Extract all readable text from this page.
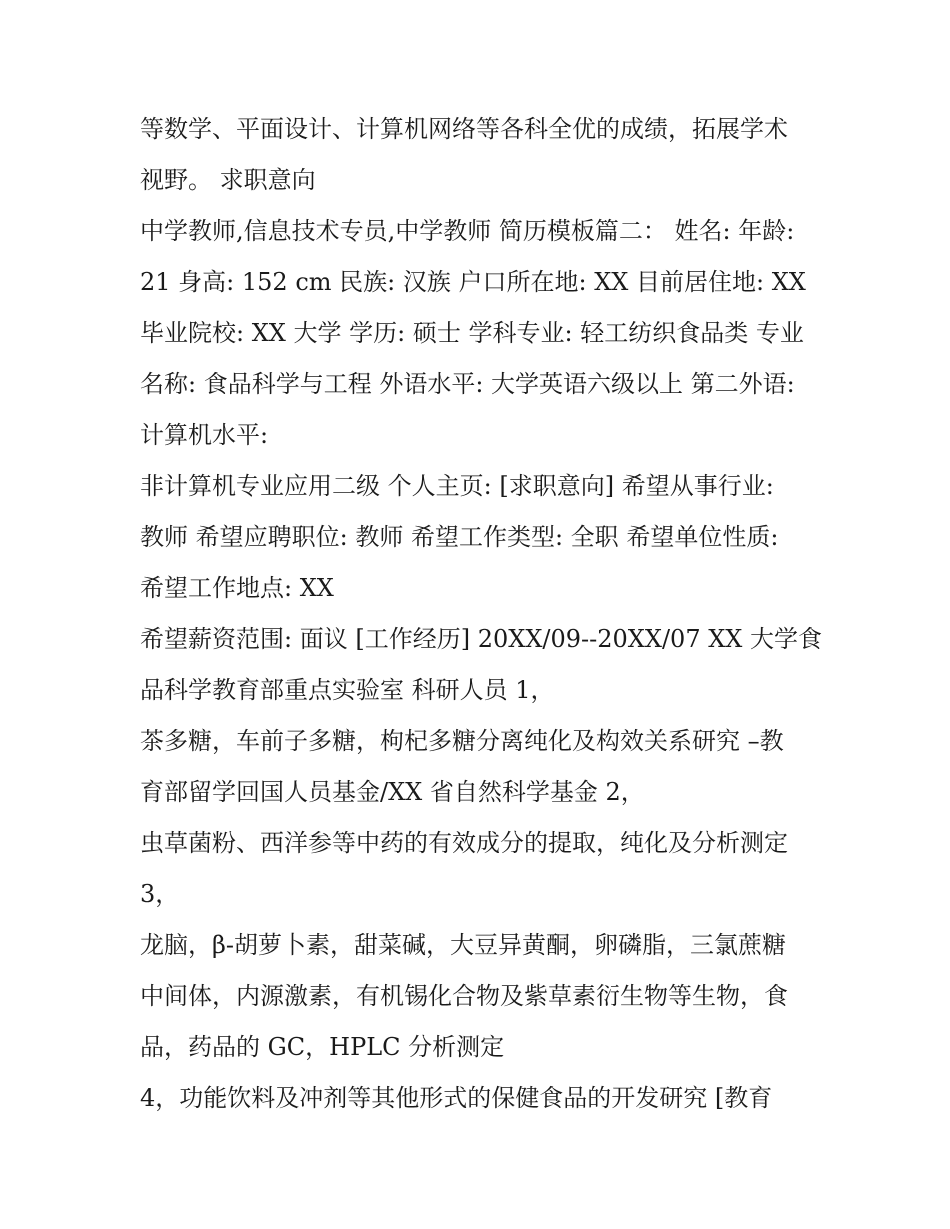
等数学、平面设计、计算机网络等各科全优的成绩，拓展学术
视野。 求职意向
中学教师,信息技术专员,中学教师 简历模板篇二： 姓名: 年龄:
21 身高: 152 cm 民族: 汉族 户口所在地: XX 目前居住地: XX
毕业院校: XX 大学 学历: 硕士 学科专业: 轻工纺织食品类 专业
名称: 食品科学与工程 外语水平: 大学英语六级以上 第二外语:
计算机水平:
非计算机专业应用二级 个人主页: [求职意向] 希望从事行业:
教师 希望应聘职位: 教师 希望工作类型: 全职 希望单位性质:
希望工作地点: XX
希望薪资范围: 面议 [工作经历] 20XX/09--20XX/07 XX 大学食
品科学教育部重点实验室 科研人员 1，
茶多糖，车前子多糖，枸杞多糖分离纯化及构效关系研究 –教
育部留学回国人员基金/XX 省自然科学基金 2，
虫草菌粉、西洋参等中药的有效成分的提取，纯化及分析测定
3，
龙脑，β-胡萝卜素，甜菜碱，大豆异黄酮，卵磷脂，三氯蔗糖
中间体，内源激素，有机锡化合物及紫草素衍生物等生物，食
品，药品的 GC，HPLC 分析测定
4，功能饮料及冲剂等其他形式的保健食品的开发研究 [教育
